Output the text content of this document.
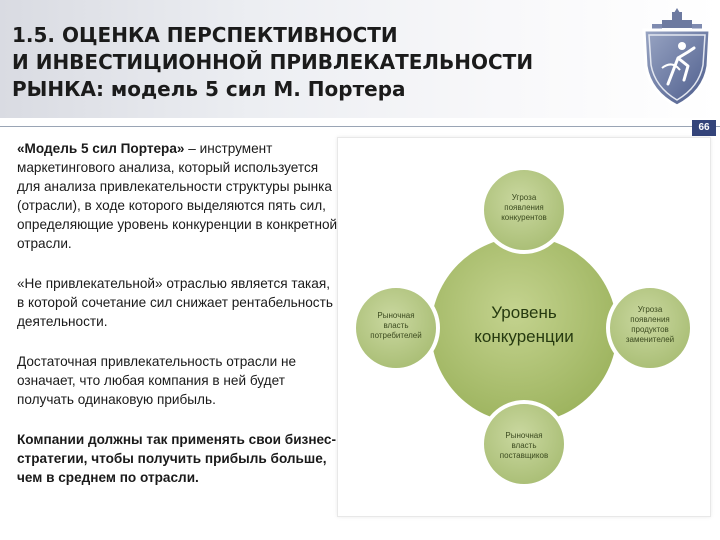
1.5. ОЦЕНКА ПЕРСПЕКТИВНОСТИ
И ИНВЕСТИЦИОННОЙ ПРИВЛЕКАТЕЛЬНОСТИ
РЫНКА: модель 5 сил М. Портера
66

«Модель 5 сил Портера» – инструмент маркетингового анализа, который используется для анализа привлекательности структуры рынка (отрасли), в ходе которого выделяются пять сил, определяющие уровень конкуренции в конкретной отрасли.

«Не привлекательной» отраслью является такая, в которой сочетание сил снижает рентабельность деятельности.

Достаточная привлекательность отрасли не означает, что любая компания в ней будет получать одинаковую прибыль.

Компании должны так применять свои бизнес-стратегии, чтобы получить прибыль больше, чем в среднем по отрасли.

Уровень
конкуренции
Угроза
появления
конкурентов
Рыночная
власть
потребителей
Угроза
появления
продуктов
заменителей
Рыночная
власть
поставщиков
